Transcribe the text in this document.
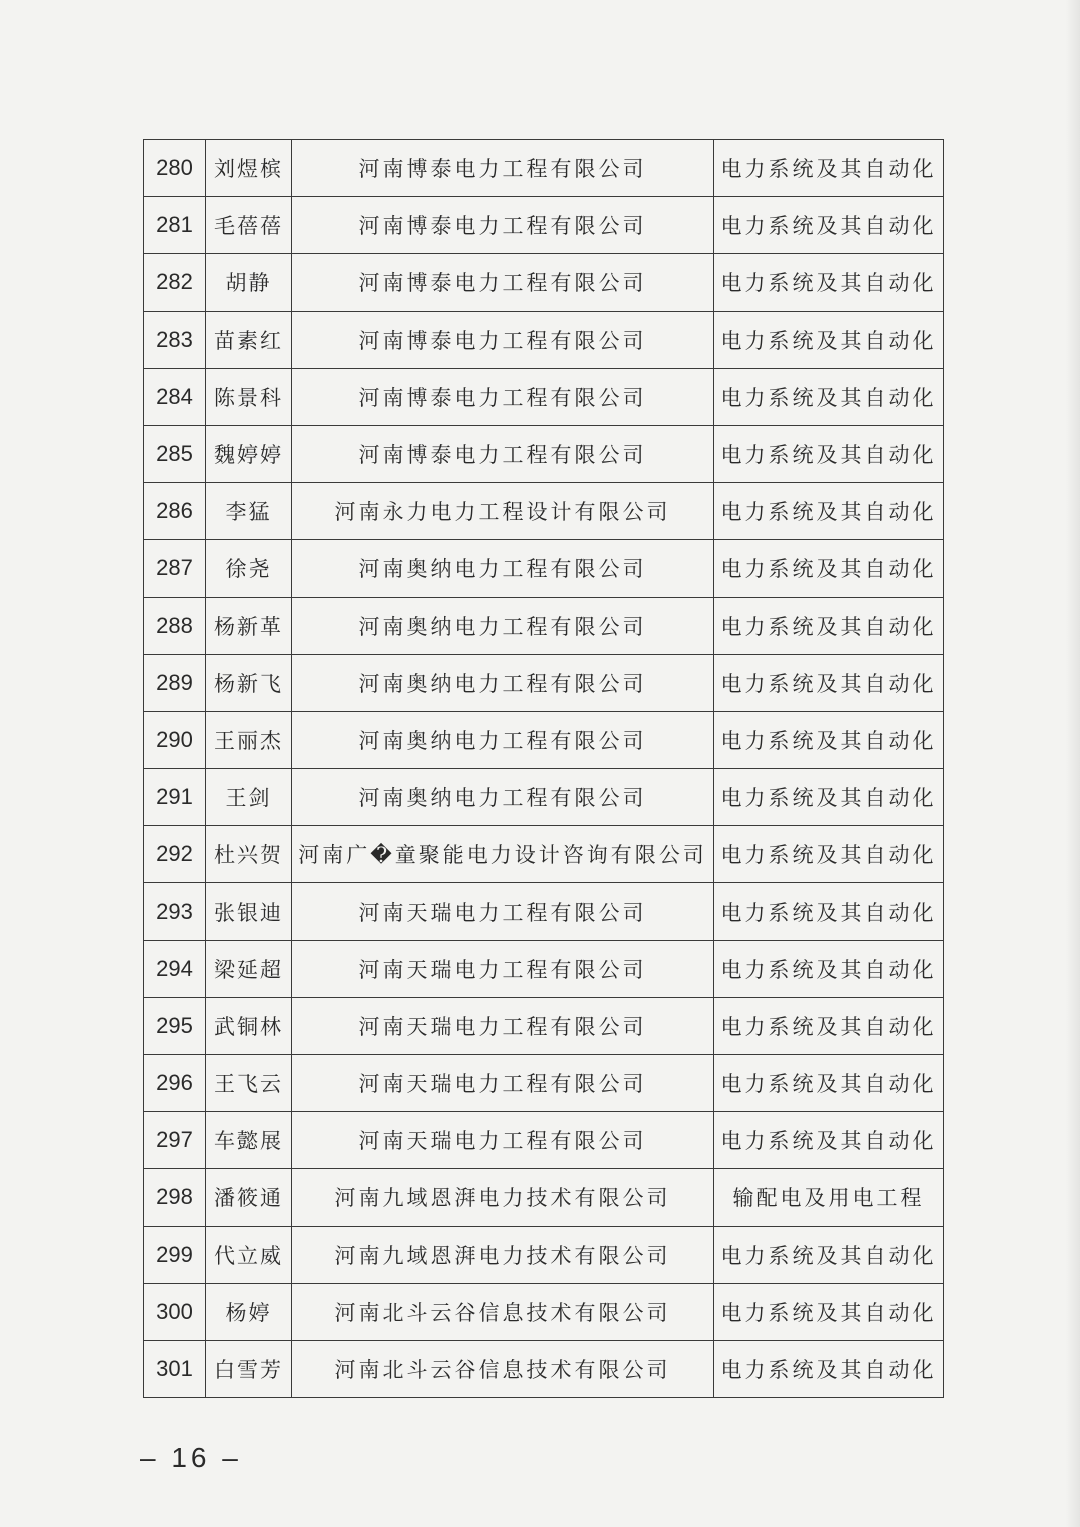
280	刘煜槟	河南博泰电力工程有限公司	电力系统及其自动化
281	毛蓓蓓	河南博泰电力工程有限公司	电力系统及其自动化
282	胡静	河南博泰电力工程有限公司	电力系统及其自动化
283	苗素红	河南博泰电力工程有限公司	电力系统及其自动化
284	陈景科	河南博泰电力工程有限公司	电力系统及其自动化
285	魏婷婷	河南博泰电力工程有限公司	电力系统及其自动化
286	李猛	河南永力电力工程设计有限公司	电力系统及其自动化
287	徐尧	河南奥纳电力工程有限公司	电力系统及其自动化
288	杨新革	河南奥纳电力工程有限公司	电力系统及其自动化
289	杨新飞	河南奥纳电力工程有限公司	电力系统及其自动化
290	王丽杰	河南奥纳电力工程有限公司	电力系统及其自动化
291	王剑	河南奥纳电力工程有限公司	电力系统及其自动化
292	杜兴贺	河南广�童聚能电力设计咨询有限公司	电力系统及其自动化
293	张银迪	河南天瑞电力工程有限公司	电力系统及其自动化
294	梁延超	河南天瑞电力工程有限公司	电力系统及其自动化
295	武铜林	河南天瑞电力工程有限公司	电力系统及其自动化
296	王飞云	河南天瑞电力工程有限公司	电力系统及其自动化
297	车懿展	河南天瑞电力工程有限公司	电力系统及其自动化
298	潘筱通	河南九域恩湃电力技术有限公司	输配电及用电工程
299	代立威	河南九域恩湃电力技术有限公司	电力系统及其自动化
300	杨婷	河南北斗云谷信息技术有限公司	电力系统及其自动化
301	白雪芳	河南北斗云谷信息技术有限公司	电力系统及其自动化
– 16 –
